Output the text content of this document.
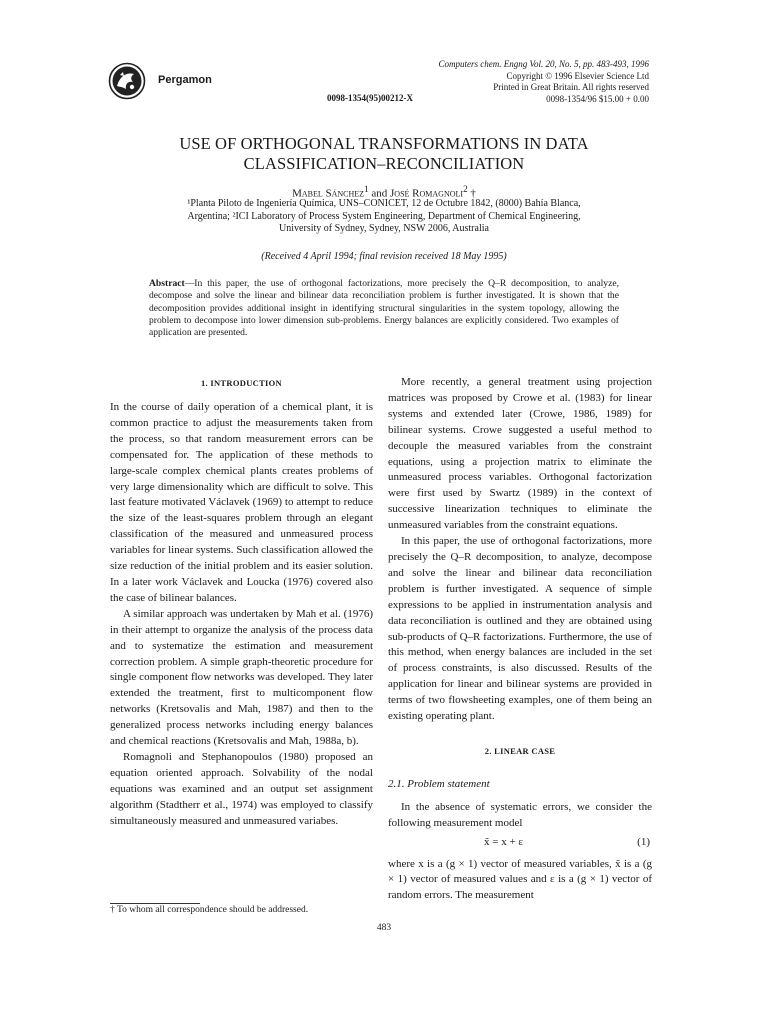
Pergamon
0098-1354(95)00212-X
Computers chem. Engng Vol. 20, No. 5, pp. 483-493, 1996
Copyright © 1996 Elsevier Science Ltd
Printed in Great Britain. All rights reserved
0098-1354/96 $15.00 + 0.00
USE OF ORTHOGONAL TRANSFORMATIONS IN DATA
CLASSIFICATION–RECONCILIATION
Mabel Sánchez$^1$ and José Romagnoli$^2$ †
¹Planta Piloto de Ingeniería Química, UNS–CONICET, 12 de Octubre 1842, (8000) Bahía Blanca,
Argentina; ²ICI Laboratory of Process System Engineering, Department of Chemical Engineering,
University of Sydney, Sydney, NSW 2006, Australia
(Received 4 April 1994; final revision received 18 May 1995)
Abstract—In this paper, the use of orthogonal factorizations, more precisely the Q–R decomposition, to analyze, decompose and solve the linear and bilinear data reconciliation problem is further investigated. It is shown that the decomposition provides additional insight in identifying structural singularities in the system topology, allowing the problem to decompose into lower dimension sub-problems. Energy balances are explicitly considered. Two examples of application are presented.
1. INTRODUCTION

In the course of daily operation of a chemical plant, it is common practice to adjust the measurements taken from the process, so that random measurement errors can be compensated for. The application of these methods to large-scale complex chemical plants creates problems of very large dimensionality which are difficult to solve. This last feature motivated Václavek (1969) to attempt to reduce the size of the least-squares problem through an elegant classification of the measured and unmeasured process variables for linear systems. Such classification allowed the size reduction of the initial problem and its easier solution. In a later work Václavek and Loucka (1976) covered also the case of bilinear balances.

A similar approach was undertaken by Mah et al. (1976) in their attempt to organize the analysis of the process data and to systematize the estimation and measurement correction problem. A simple graph-theoretic procedure for single component flow networks was developed. They later extended the treatment, first to multicomponent flow networks (Kretsovalis and Mah, 1987) and then to the generalized process networks including energy balances and chemical reactions (Kretsovalis and Mah, 1988a, b).

Romagnoli and Stephanopoulos (1980) proposed an equation oriented approach. Solvability of the nodal equations was examined and an output set assignment algorithm (Stadtherr et al., 1974) was employed to classify simultaneously measured and unmeasured variabes.

More recently, a general treatment using projection matrices was proposed by Crowe et al. (1983) for linear systems and extended later (Crowe, 1986, 1989) for bilinear systems. Crowe suggested a useful method to decouple the measured variables from the constraint equations, using a projection matrix to eliminate the unmeasured process variables. Orthogonal factorization were first used by Swartz (1989) in the context of successive linearization techniques to eliminate the unmeasured variables from the constraint equations.

In this paper, the use of orthogonal factorizations, more precisely the Q–R decomposition, to analyze, decompose and solve the linear and bilinear data reconciliation problem is further investigated. A sequence of simple expressions to be applied in instrumentation analysis and data reconciliation is outlined and they are obtained using sub-products of Q–R factorizations. Furthermore, the use of this method, when energy balances are included in the set of process constraints, is also discussed. Results of the application for linear and bilinear systems are provided in terms of two flowsheeting examples, one of them being an existing operating plant.

2. LINEAR CASE
2.1. Problem statement

In the absence of systematic errors, we consider the following measurement model

x̃ = x + ε	(1)

where x is a (g × 1) vector of measured variables, x̃ is a (g × 1) vector of measured values and ε is a (g × 1) vector of random errors. The measurement

† To whom all correspondence should be addressed.
483
